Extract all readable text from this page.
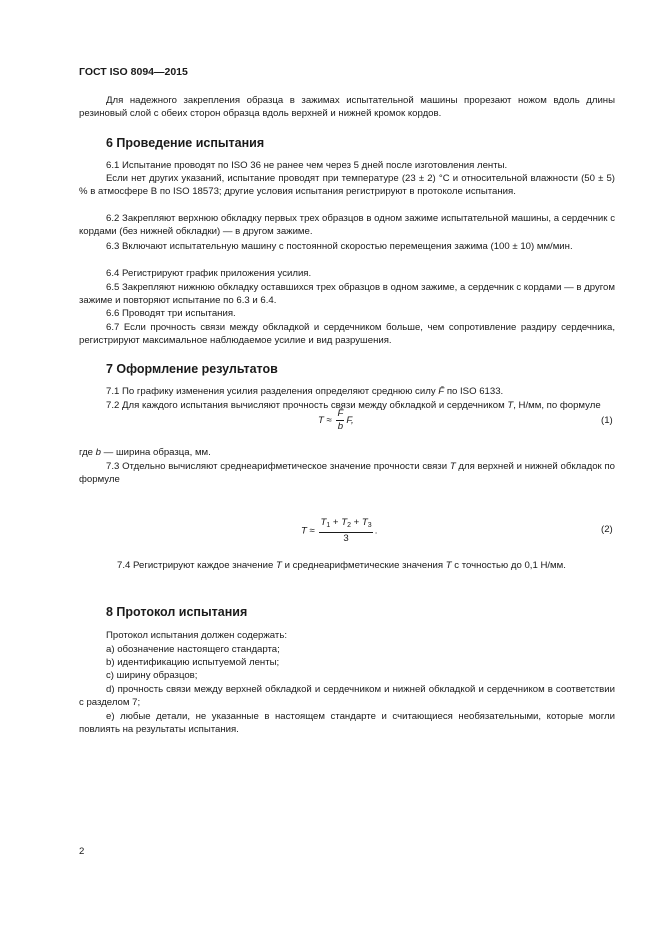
ГОСТ ISO 8094—2015

Для надежного закрепления образца в зажимах испытательной машины прорезают ножом вдоль длины резиновый слой с обеих сторон образца вдоль верхней и нижней кромок кордов.

6 Проведение испытания

6.1 Испытание проводят по ISO 36 не ранее чем через 5 дней после изготовления ленты.

Если нет других указаний, испытание проводят при температуре (23 ± 2) °С и относительной влажности (50 ± 5) % в атмосфере В по ISO 18573; другие условия испытания регистрируют в протоколе испытания.

6.2 Закрепляют верхнюю обкладку первых трех образцов в одном зажиме испытательной машины, а сердечник с кордами (без нижней обкладки) — в другом зажиме.

6.3 Включают испытательную машину с постоянной скоростью перемещения зажима (100 ± 10) мм/мин.

6.4 Регистрируют график приложения усилия.

6.5 Закрепляют нижнюю обкладку оставшихся трех образцов в одном зажиме, а сердечник с кордами — в другом зажиме и повторяют испытание по 6.3 и 6.4.

6.6 Проводят три испытания.

6.7 Если прочность связи между обкладкой и сердечником больше, чем сопротивление раздиру сердечника, регистрируют максимальное наблюдаемое усилие и вид разрушения.

7 Оформление результатов

7.1 По графику изменения усилия разделения определяют среднюю силу F̄ по ISO 6133.

7.2 Для каждого испытания вычисляют прочность связи между обкладкой и сердечником T, Н/мм, по формуле

$T \approx \frac{F̄}{b} F$,	(1)
где b — ширина образца, мм.

7.3 Отдельно вычисляют среднеарифметическое значение прочности связи T для верхней и нижней обкладок по формуле

$T \approx \frac{T_1 + T_2 + T_3}{3}$ .	(2)

7.4 Регистрируют каждое значение T и среднеарифметические значения T с точностью до 0,1 Н/мм.

8 Протокол испытания

Протокол испытания должен содержать:

a) обозначение настоящего стандарта;

b) идентификацию испытуемой ленты;

c) ширину образцов;

d) прочность связи между верхней обкладкой и сердечником и нижней обкладкой и сердечником в соответствии с разделом 7;

e) любые детали, не указанные в настоящем стандарте и считающиеся необязательными, которые могли повлиять на результаты испытания.

2
